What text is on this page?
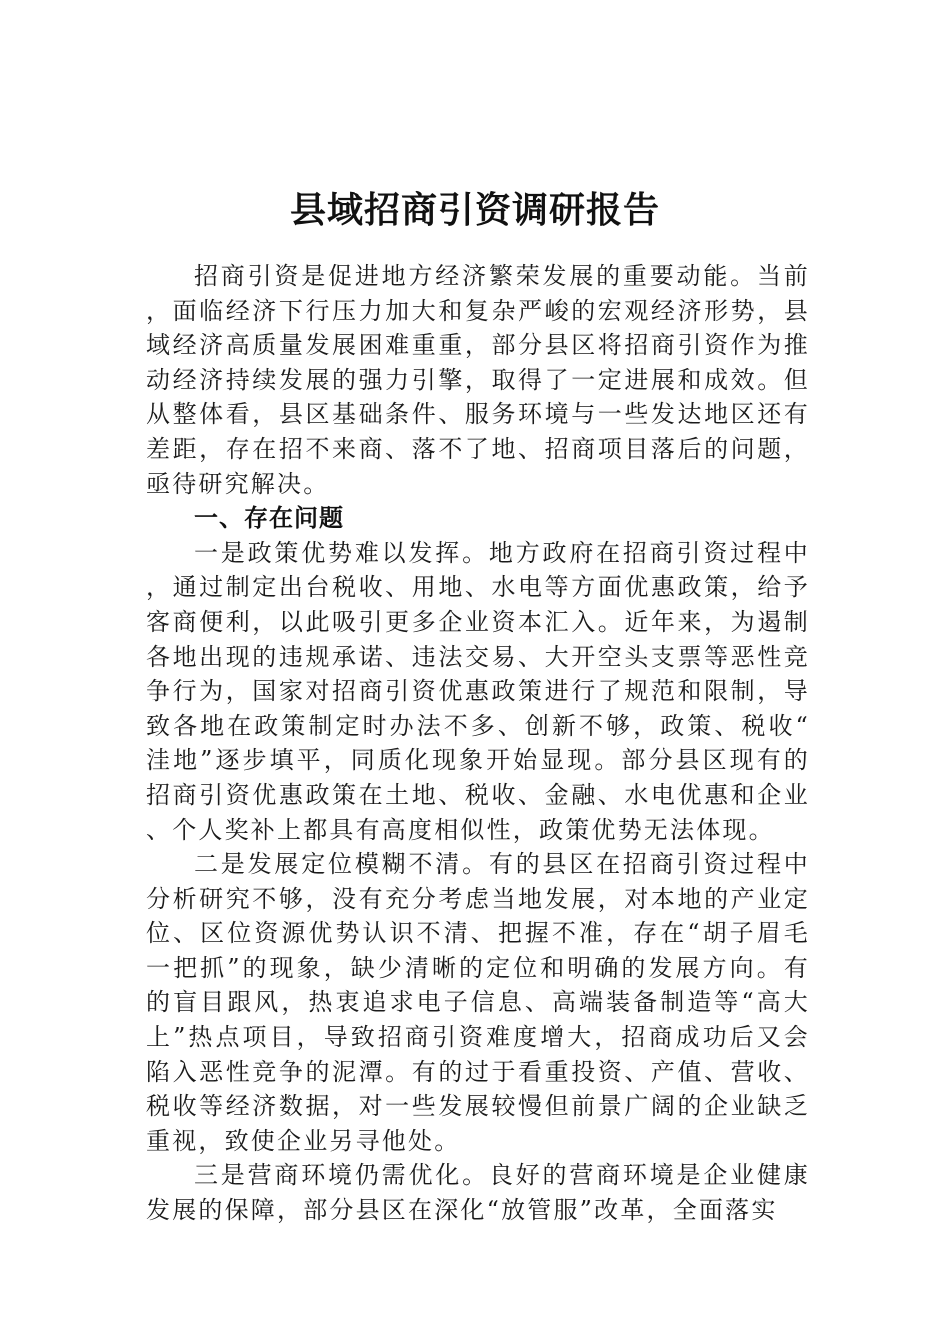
县域招商引资调研报告

招商引资是促进地方经济繁荣发展的重要动能。当前，面临经济下行压力加大和复杂严峻的宏观经济形势，县域经济高质量发展困难重重，部分县区将招商引资作为推动经济持续发展的强力引擎，取得了一定进展和成效。但从整体看，县区基础条件、服务环境与一些发达地区还有差距，存在招不来商、落不了地、招商项目落后的问题，亟待研究解决。

一、存在问题

一是政策优势难以发挥。地方政府在招商引资过程中，通过制定出台税收、用地、水电等方面优惠政策，给予客商便利，以此吸引更多企业资本汇入。近年来，为遏制各地出现的违规承诺、违法交易、大开空头支票等恶性竞争行为，国家对招商引资优惠政策进行了规范和限制，导致各地在政策制定时办法不多、创新不够，政策、税收“洼地”逐步填平，同质化现象开始显现。部分县区现有的招商引资优惠政策在土地、税收、金融、水电优惠和企业、个人奖补上都具有高度相似性，政策优势无法体现。

二是发展定位模糊不清。有的县区在招商引资过程中分析研究不够，没有充分考虑当地发展，对本地的产业定位、区位资源优势认识不清、把握不准，存在“胡子眉毛一把抓”的现象，缺少清晰的定位和明确的发展方向。有的盲目跟风，热衷追求电子信息、高端装备制造等“高大上”热点项目，导致招商引资难度增大，招商成功后又会陷入恶性竞争的泥潭。有的过于看重投资、产值、营收、税收等经济数据，对一些发展较慢但前景广阔的企业缺乏重视，致使企业另寻他处。

三是营商环境仍需优化。良好的营商环境是企业健康发展的保障，部分县区在深化“放管服”改革，全面落实
